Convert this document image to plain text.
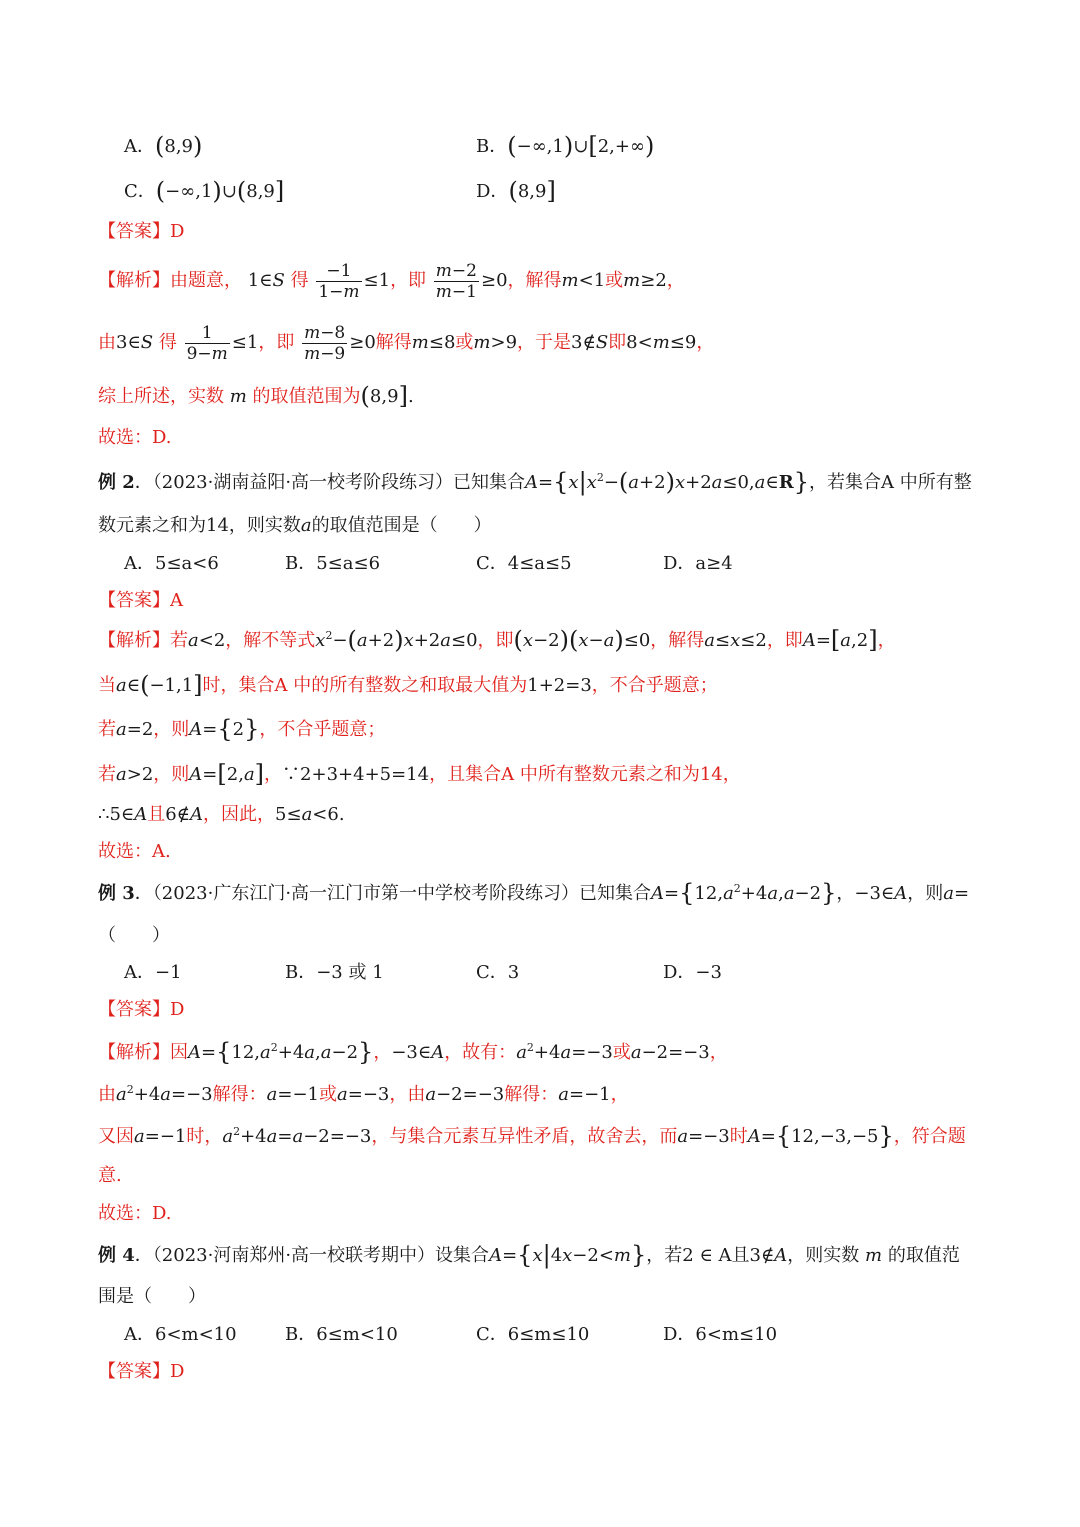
A．(8,9)	B．(−∞,1)∪[2,+∞)
C．(−∞,1)∪(8,9]	D．(8,9]
【答案】D
【解析】由题意， 1∈S 得 $\frac{-1}{1-m} \le 1$，即 $\frac{m-2}{m-1} \ge 0$，解得m<1或m≥2，
由3∈S 得 $\frac{1}{9-m} \le 1$，即 $\frac{m-8}{m-9} \ge 0$解得m≤8或m>9，于是3∉S即8<m≤9，
综上所述，实数 m 的取值范围为(8,9].
故选：D.
例 2．（2023·湖南益阳·高一校考阶段练习）已知集合$A=\{x|x^2-(a+2)x+2a\le 0,a\in R\}$，若集合A 中所有整
数元素之和为14，则实数a的取值范围是（　　）
A．5≤a<6	B．5≤a≤6	C．4≤a≤5	D．a≥4
【答案】A
【解析】若a<2，解不等式$x^2-(a+2)x+2a\le 0$，即(x−2)(x−a)≤0，解得a≤x≤2，即A=[a,2]，
当a∈(−1,1]时，集合A 中的所有整数之和取最大值为1+2=3，不合乎题意；
若a=2，则A={2}，不合乎题意；
若a>2，则A=[2,a]，∵2+3+4+5=14，且集合A 中所有整数元素之和为14，
∴5∈A且6∉A，因此，5≤a<6.
故选：A.
例 3．（2023·广东江门·高一江门市第一中学校考阶段练习）已知集合$A=\{12,a^2+4a,a-2\}$，−3∈A，则a=
（　　）
A．−1	B．−3 或 1	C．3	D．−3
【答案】D
【解析】因$A=\{12,a^2+4a,a-2\}$，−3∈A，故有：$a^2+4a=-3$或a−2=−3，
由$a^2+4a=-3$解得：a=−1或a=−3，由a−2=−3解得：a=−1，
又因a=−1时，$a^2+4a=a-2=-3$，与集合元素互异性矛盾，故舍去，而a=−3时A={12,−3,−5}，符合题
意.
故选：D.
例 4．（2023·河南郑州·高一校联考期中）设集合A={x|4x−2<m}，若2 ∈ A且3∉A，则实数 m 的取值范
围是（　　）
A．6<m<10	B．6≤m<10	C．6≤m≤10	D．6<m≤10
【答案】D
